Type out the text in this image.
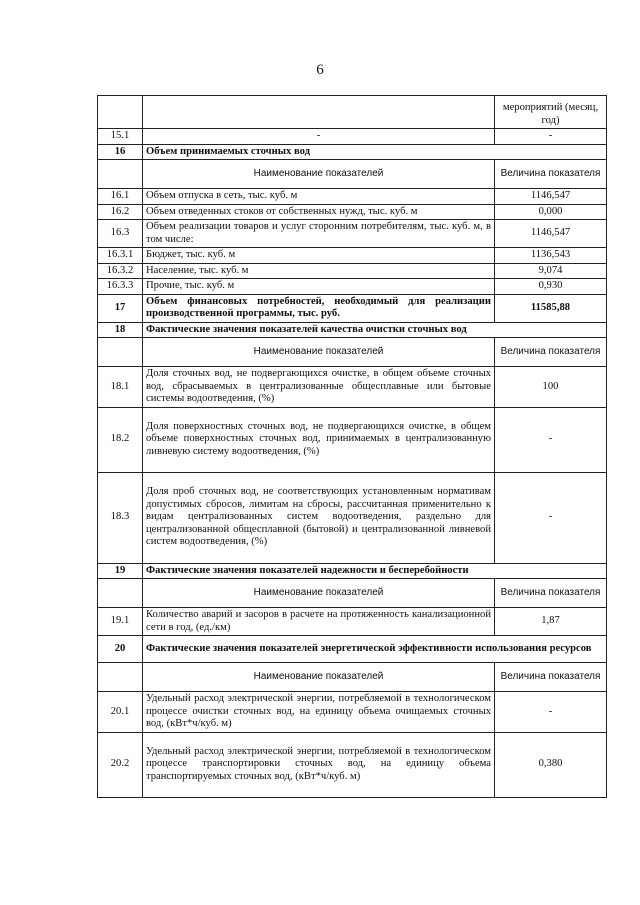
6
		мероприятий (месяц, год)
15.1	-	-
16	Объем принимаемых сточных вод	
	Наименование показателей	Величина показателя
16.1	Объем отпуска в сеть, тыс. куб. м	1146,547
16.2	Объем отведенных стоков от собственных нужд, тыс. куб. м	0,000
16.3	Объем реализации товаров и услуг сторонним потребителям, тыс. куб. м, в том числе:	1146,547
16.3.1	Бюджет, тыс. куб. м	1136,543
16.3.2	Население, тыс. куб. м	9,074
16.3.3	Прочие, тыс. куб. м	0,930
17	Объем финансовых потребностей, необходимый для реализации производственной программы, тыс. руб.	11585,88
18	Фактические значения показателей качества очистки сточных вод	
	Наименование показателей	Величина показателя
18.1	Доля сточных вод, не подвергающихся очистке, в общем объеме сточных вод, сбрасываемых в централизованные общесплавные или бытовые системы водоотведения, (%)	100
18.2	Доля поверхностных сточных вод, не подвергающихся очистке, в общем объеме поверхностных сточных вод, принимаемых в централизованную ливневую систему водоотведения, (%)	-
18.3	Доля проб сточных вод, не соответствующих установленным нормативам допустимых сбросов, лимитам на сбросы, рассчитанная применительно к видам централизованных систем водоотведения, раздельно для централизованной общесплавной (бытовой) и централизованной ливневой систем водоотведения, (%)	-
19	Фактические значения показателей надежности и бесперебойности	
	Наименование показателей	Величина показателя
19.1	Количество аварий и засоров в расчете на протяженность канализационной сети в год, (ед./км)	1,87
20	Фактические значения показателей энергетической эффективности использования ресурсов	
	Наименование показателей	Величина показателя
20.1	Удельный расход электрической энергии, потребляемой в технологическом процессе очистки сточных вод, на единицу объема очищаемых сточных вод, (кВт*ч/куб. м)	-
20.2	Удельный расход электрической энергии, потребляемой в технологическом процессе транспортировки сточных вод, на единицу объема транспортируемых сточных вод, (кВт*ч/куб. м)	0,380
